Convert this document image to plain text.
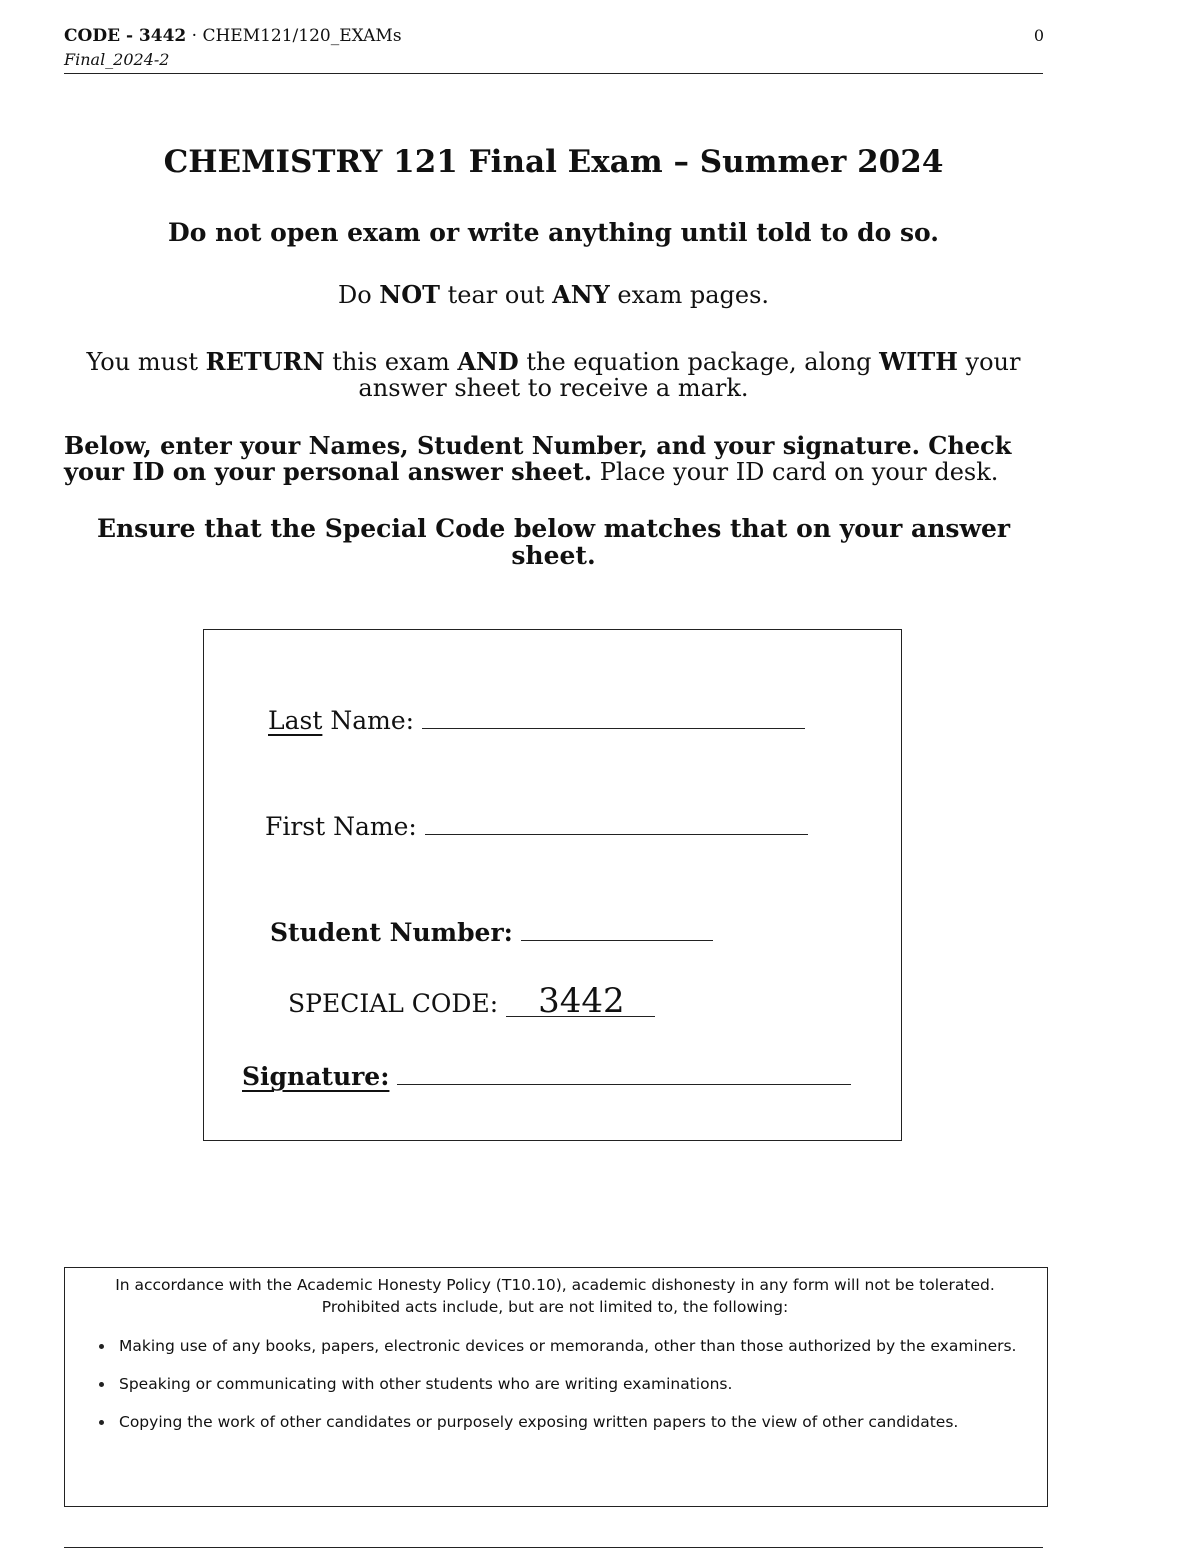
CODE - 3442 · CHEM121/120_EXAMs
Final_2024-2
0
CHEMISTRY 121 Final Exam – Summer 2024
Do not open exam or write anything until told to do so.
Do NOT tear out ANY exam pages.
You must RETURN this exam AND the equation package, along WITH your answer sheet to receive a mark.
Below, enter your Names, Student Number, and your signature. Check your ID on your personal answer sheet. Place your ID card on your desk.
Ensure that the Special Code below matches that on your answer sheet.
Last Name:
First Name:
Student Number:
SPECIAL CODE: 3442
Signature:
In accordance with the Academic Honesty Policy (T10.10), academic dishonesty in any form will not be tolerated. Prohibited acts include, but are not limited to, the following:
Making use of any books, papers, electronic devices or memoranda, other than those authorized by the examiners.
Speaking or communicating with other students who are writing examinations.
Copying the work of other candidates or purposely exposing written papers to the view of other candidates.
